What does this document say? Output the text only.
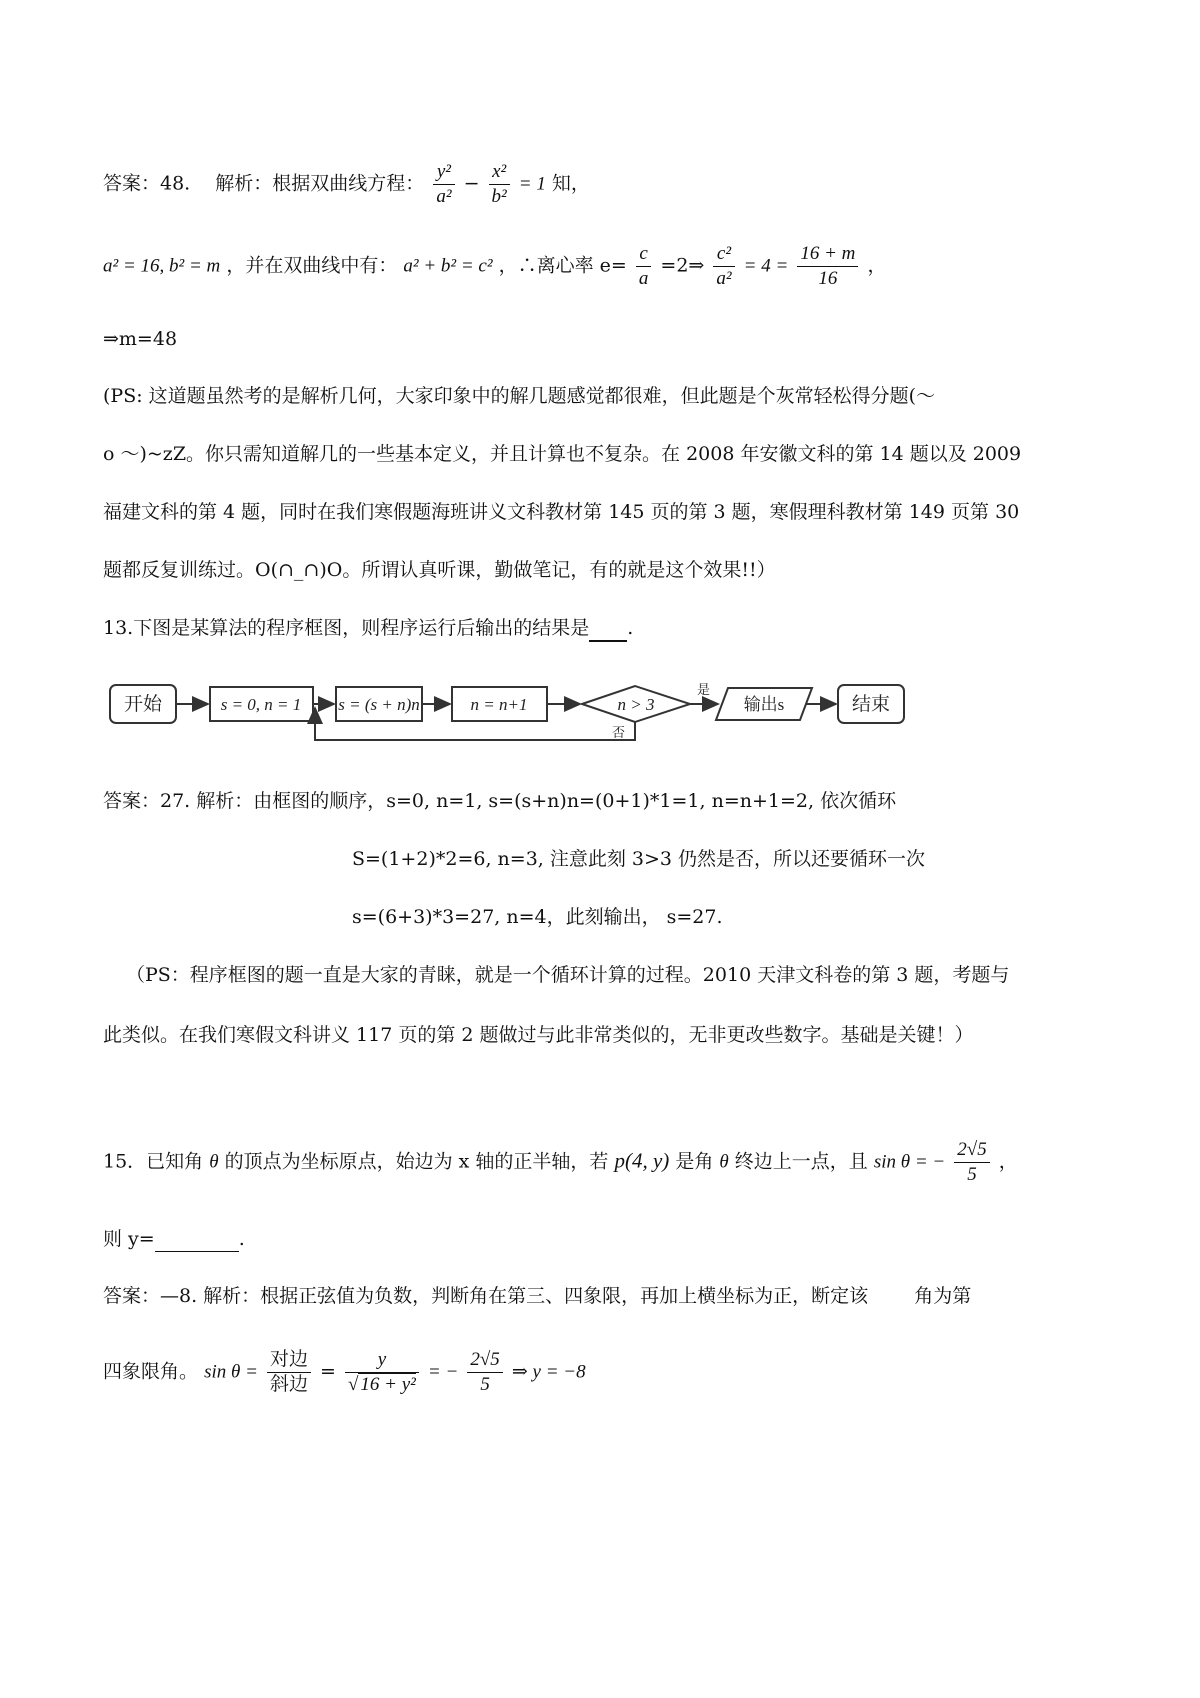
答案：48.　 解析：根据双曲线方程： $\frac{\text{y²}}{\text{a²}} - \frac{\text{x²}}{\text{b²}} = 1$ 知，
a² = 16, b² = m ，并在双曲线中有： a² + b² = c² ，∴离心率 $e= \frac{c}{a}$ =2⇒ $\frac{\text{c²}}{\text{a²}} = 4 = \frac{16 + m}{16}$ ，
⇒m=48
(PS: 这道题虽然考的是解析几何，大家印象中的解几题感觉都很难，但此题是个灰常轻松得分题(～
o ～)~zZ。你只需知道解几的一些基本定义，并且计算也不复杂。在 2008 年安徽文科的第 14 题以及 2009
福建文科的第 4 题，同时在我们寒假题海班讲义文科教材第 145 页的第 3 题，寒假理科教材第 149 页第 30
题都反复训练过。O(∩_∩)O。所谓认真听课，勤做笔记，有的就是这个效果!!）
13.下图是某算法的程序框图，则程序运行后输出的结果是 .
开始	s = 0, n = 1 s = (s + n)n	n = n+1	n > 3
是
输出s	结束
否
答案：27. 解析：由框图的顺序，s=0, n=1, s=(s+n)n=(0+1)*1=1, n=n+1=2, 依次循环
S=(1+2)*2=6, n=3, 注意此刻 3>3 仍然是否，所以还要循环一次
s=(6+3)*3=27, n=4，此刻输出， s=27.
（PS：程序框图的题一直是大家的青睐，就是一个循环计算的过程。2010 天津文科卷的第 3 题，考题与
此类似。在我们寒假文科讲义 117 页的第 2 题做过与此非常类似的，无非更改些数字。基础是关键！）
15．已知角 θ 的顶点为坐标原点，始边为 x 轴的正半轴，若 p(4, y) 是角 θ 终边上一点，且 sin θ = − $\frac{2√5}{5}$ ，
则 y=	.
答案：—8. 解析：根据正弦值为负数，判断角在第三、四象限，再加上横坐标为正，断定该 角为第
四象限角。 $\sin \theta = \frac{\text{对边}}{\text{斜边}} = \frac{y}{\text{√ 16 + y²}}$ = − $\frac{2√5}{5}$ ⇒ y = −8
